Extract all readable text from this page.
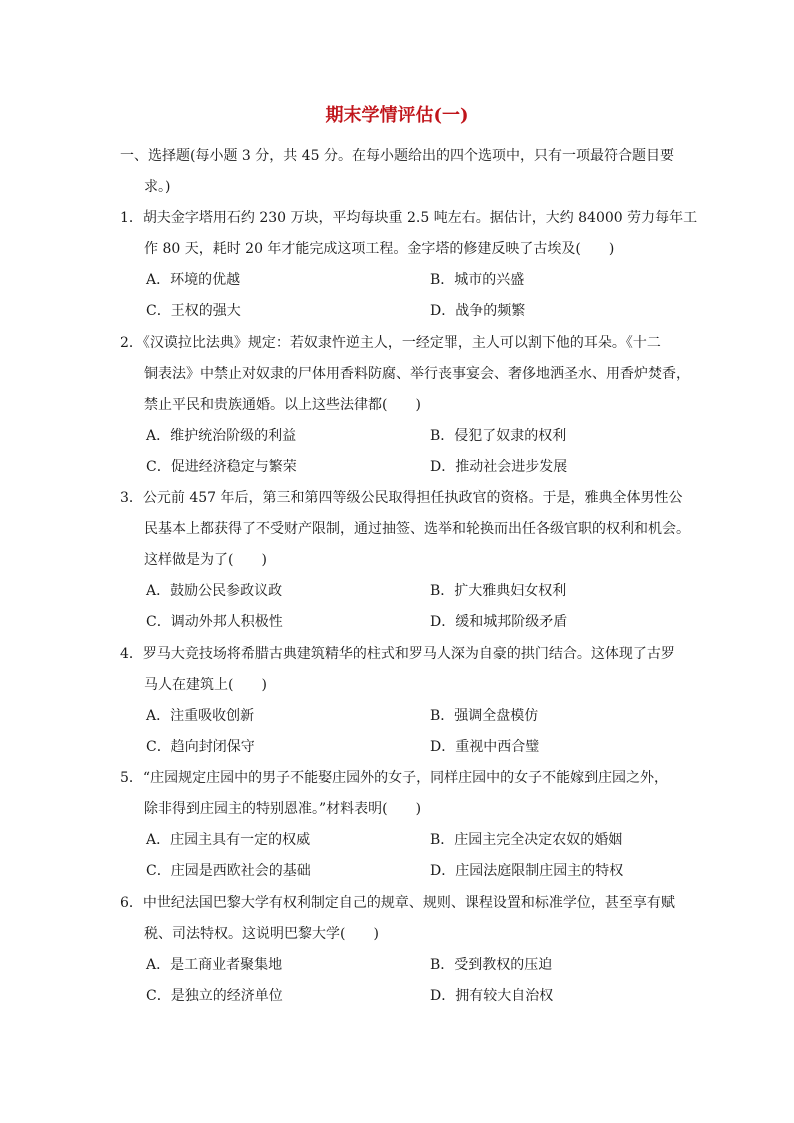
期末学情评估(一)
一、选择题(每小题 3 分，共 45 分。在每小题给出的四个选项中，只有一项最符合题目要
求。)
1．胡夫金字塔用石约 230 万块，平均每块重 2.5 吨左右。据估计，大约 84000 劳力每年工
作 80 天，耗时 20 年才能完成这项工程。金字塔的修建反映了古埃及(　　)
A．环境的优越	B．城市的兴盛
C．王权的强大	D．战争的频繁
2．《汉谟拉比法典》规定：若奴隶忤逆主人，一经定罪，主人可以割下他的耳朵。《十二
铜表法》中禁止对奴隶的尸体用香料防腐、举行丧事宴会、奢侈地洒圣水、用香炉焚香，
禁止平民和贵族通婚。以上这些法律都(　　)
A．维护统治阶级的利益	B．侵犯了奴隶的权利
C．促进经济稳定与繁荣	D．推动社会进步发展
3．公元前 457 年后，第三和第四等级公民取得担任执政官的资格。于是，雅典全体男性公
民基本上都获得了不受财产限制，通过抽签、选举和轮换而出任各级官职的权利和机会。
这样做是为了(　　)
A．鼓励公民参政议政	B．扩大雅典妇女权利
C．调动外邦人积极性	D．缓和城邦阶级矛盾
4．罗马大竞技场将希腊古典建筑精华的柱式和罗马人深为自豪的拱门结合。这体现了古罗
马人在建筑上(　　)
A．注重吸收创新	B．强调全盘模仿
C．趋向封闭保守	D．重视中西合璧
5．“庄园规定庄园中的男子不能娶庄园外的女子，同样庄园中的女子不能嫁到庄园之外，
除非得到庄园主的特别恩准。”材料表明(　　)
A．庄园主具有一定的权威	B．庄园主完全决定农奴的婚姻
C．庄园是西欧社会的基础	D．庄园法庭限制庄园主的特权
6．中世纪法国巴黎大学有权利制定自己的规章、规则、课程设置和标准学位，甚至享有赋
税、司法特权。这说明巴黎大学(　　)
A．是工商业者聚集地	B．受到教权的压迫
C．是独立的经济单位	D．拥有较大自治权
